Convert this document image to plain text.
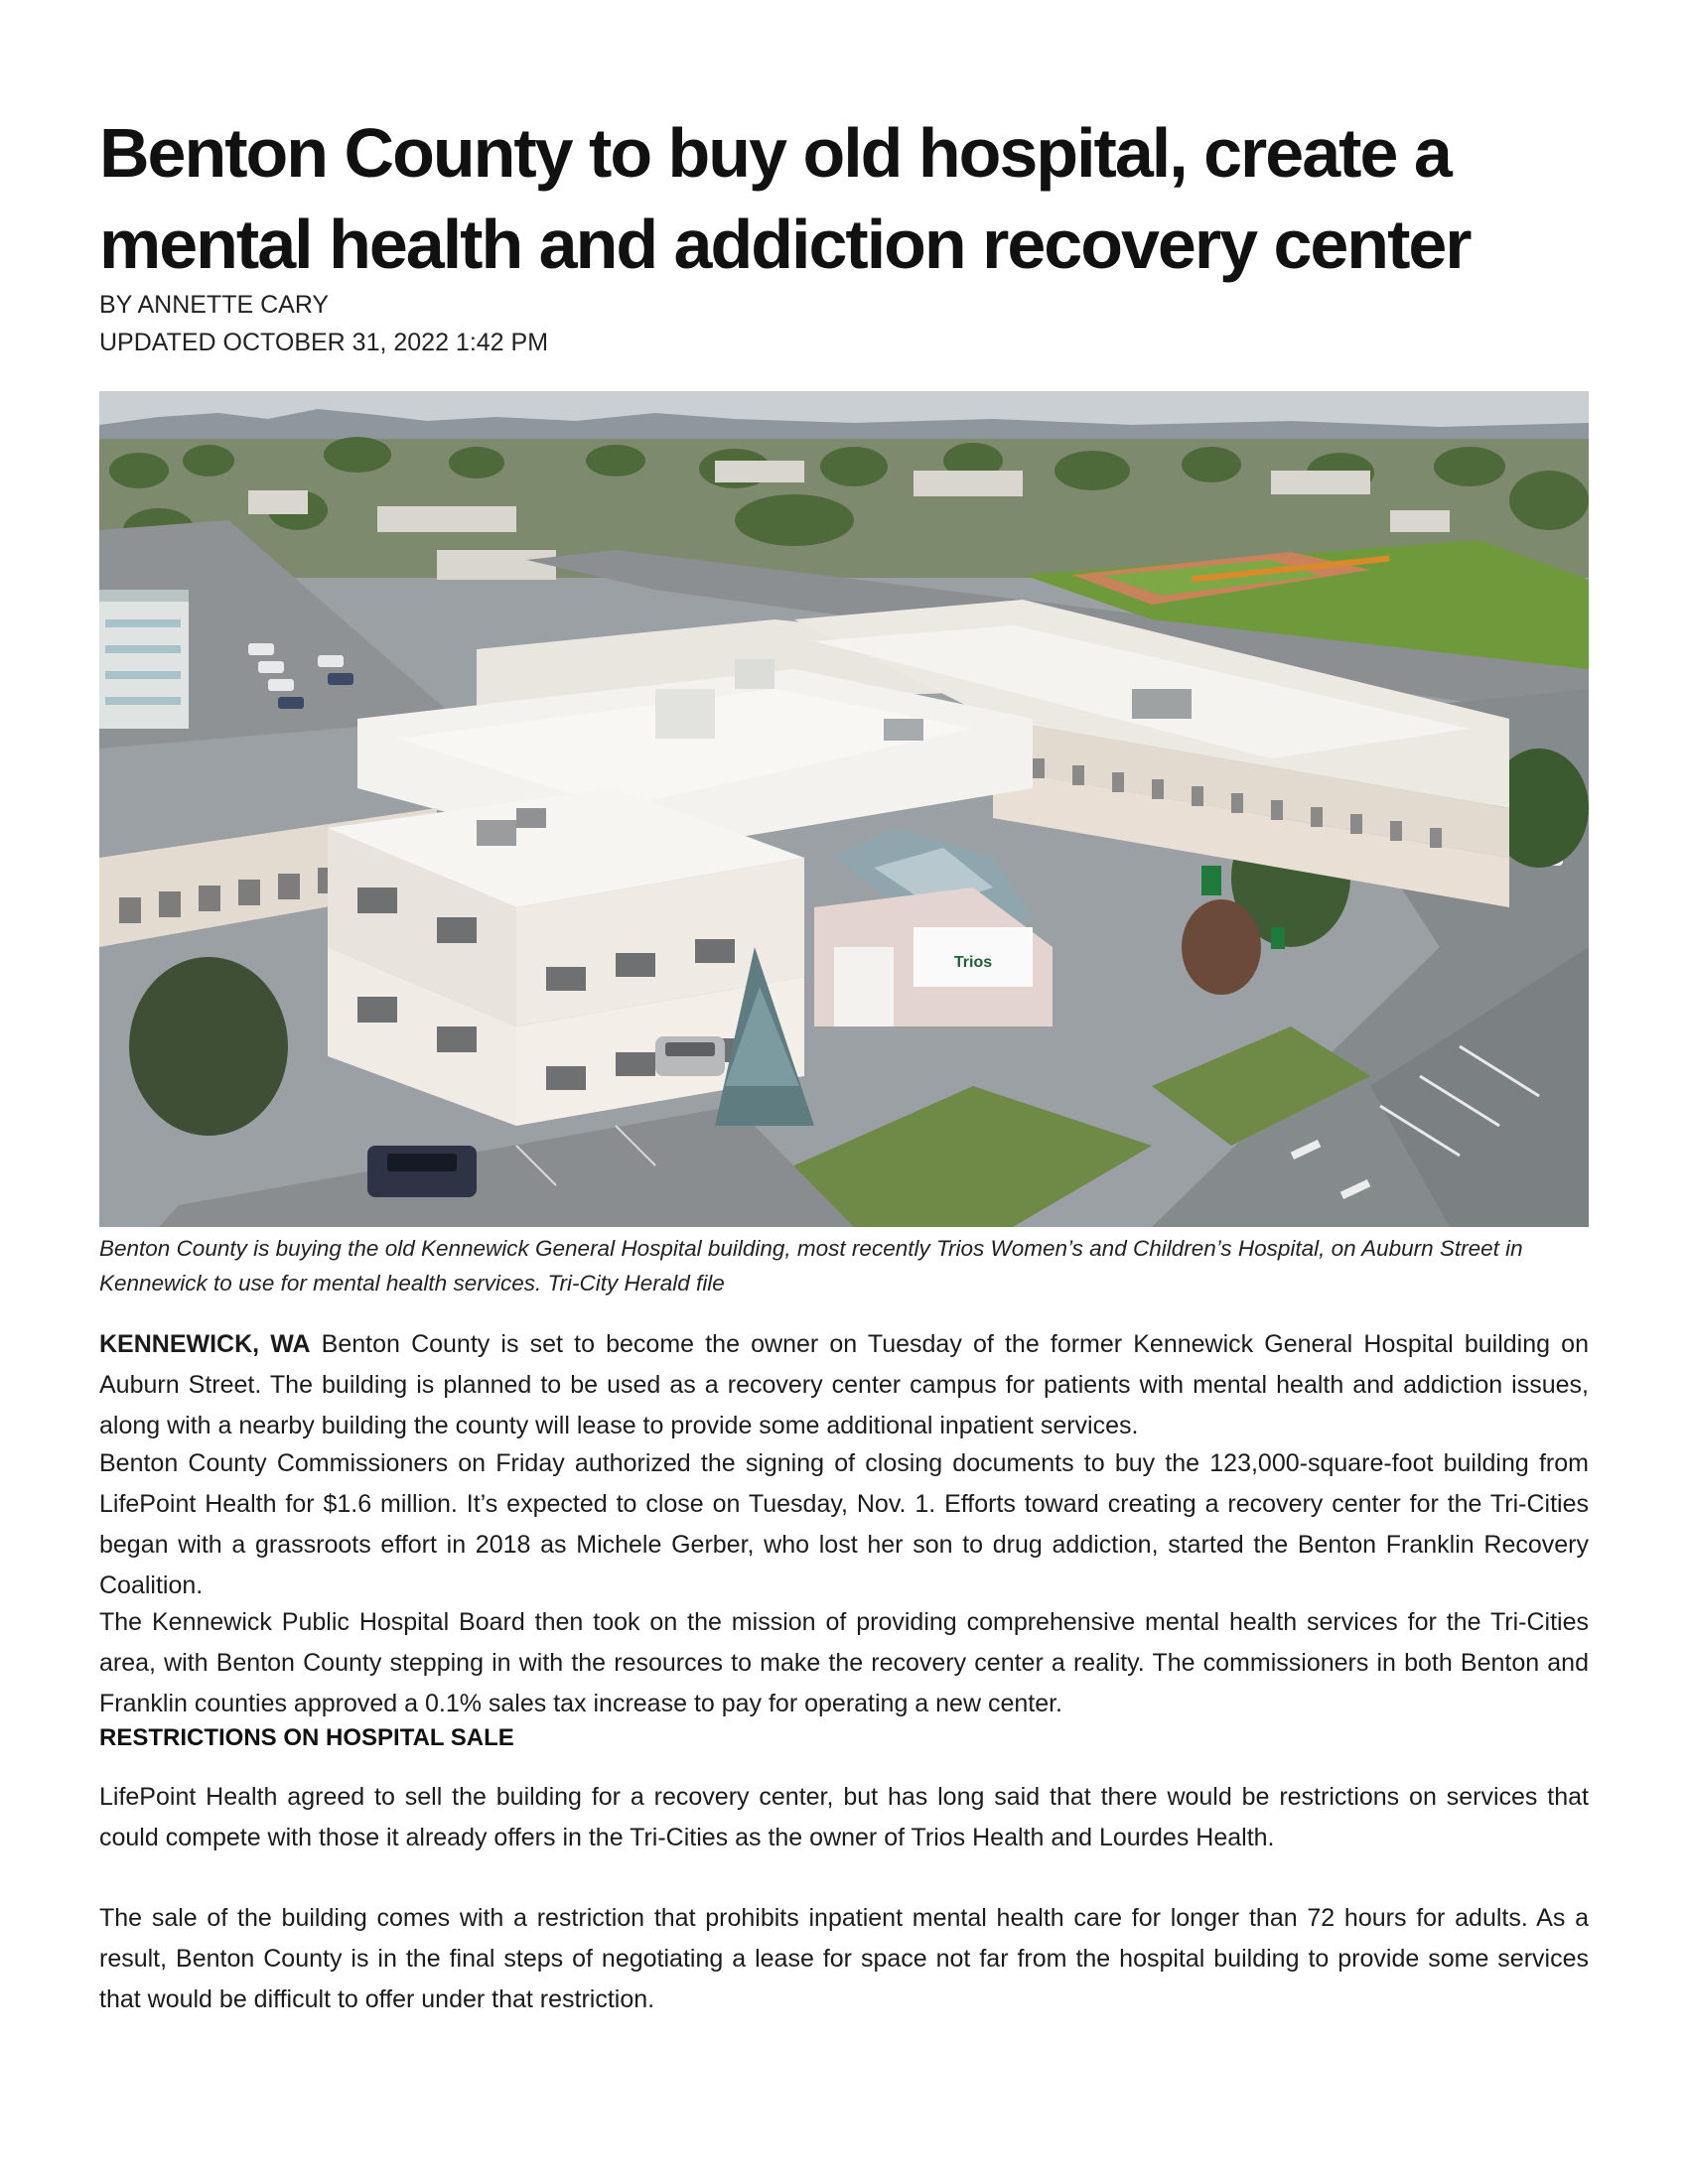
Benton County to buy old hospital, create a mental health and addiction recovery center
BY ANNETTE CARY
UPDATED OCTOBER 31, 2022 1:42 PM
Trios
Benton County is buying the old Kennewick General Hospital building, most recently Trios Women’s and Children’s Hospital, on Auburn Street in Kennewick to use for mental health services. Tri-City Herald file

KENNEWICK, WA Benton County is set to become the owner on Tuesday of the former Kennewick General Hospital building on Auburn Street. The building is planned to be used as a recovery center campus for patients with mental health and addiction issues, along with a nearby building the county will lease to provide some additional inpatient services.

Benton County Commissioners on Friday authorized the signing of closing documents to buy the 123,000-square-foot building from LifePoint Health for $1.6 million. It’s expected to close on Tuesday, Nov. 1. Efforts toward creating a recovery center for the Tri-Cities began with a grassroots effort in 2018 as Michele Gerber, who lost her son to drug addiction, started the Benton Franklin Recovery Coalition.

The Kennewick Public Hospital Board then took on the mission of providing comprehensive mental health services for the Tri-Cities area, with Benton County stepping in with the resources to make the recovery center a reality. The commissioners in both Benton and Franklin counties approved a 0.1% sales tax increase to pay for operating a new center.

RESTRICTIONS ON HOSPITAL SALE

LifePoint Health agreed to sell the building for a recovery center, but has long said that there would be restrictions on services that could compete with those it already offers in the Tri-Cities as the owner of Trios Health and Lourdes Health.

The sale of the building comes with a restriction that prohibits inpatient mental health care for longer than 72 hours for adults. As a result, Benton County is in the final steps of negotiating a lease for space not far from the hospital building to provide some services that would be difficult to offer under that restriction.
